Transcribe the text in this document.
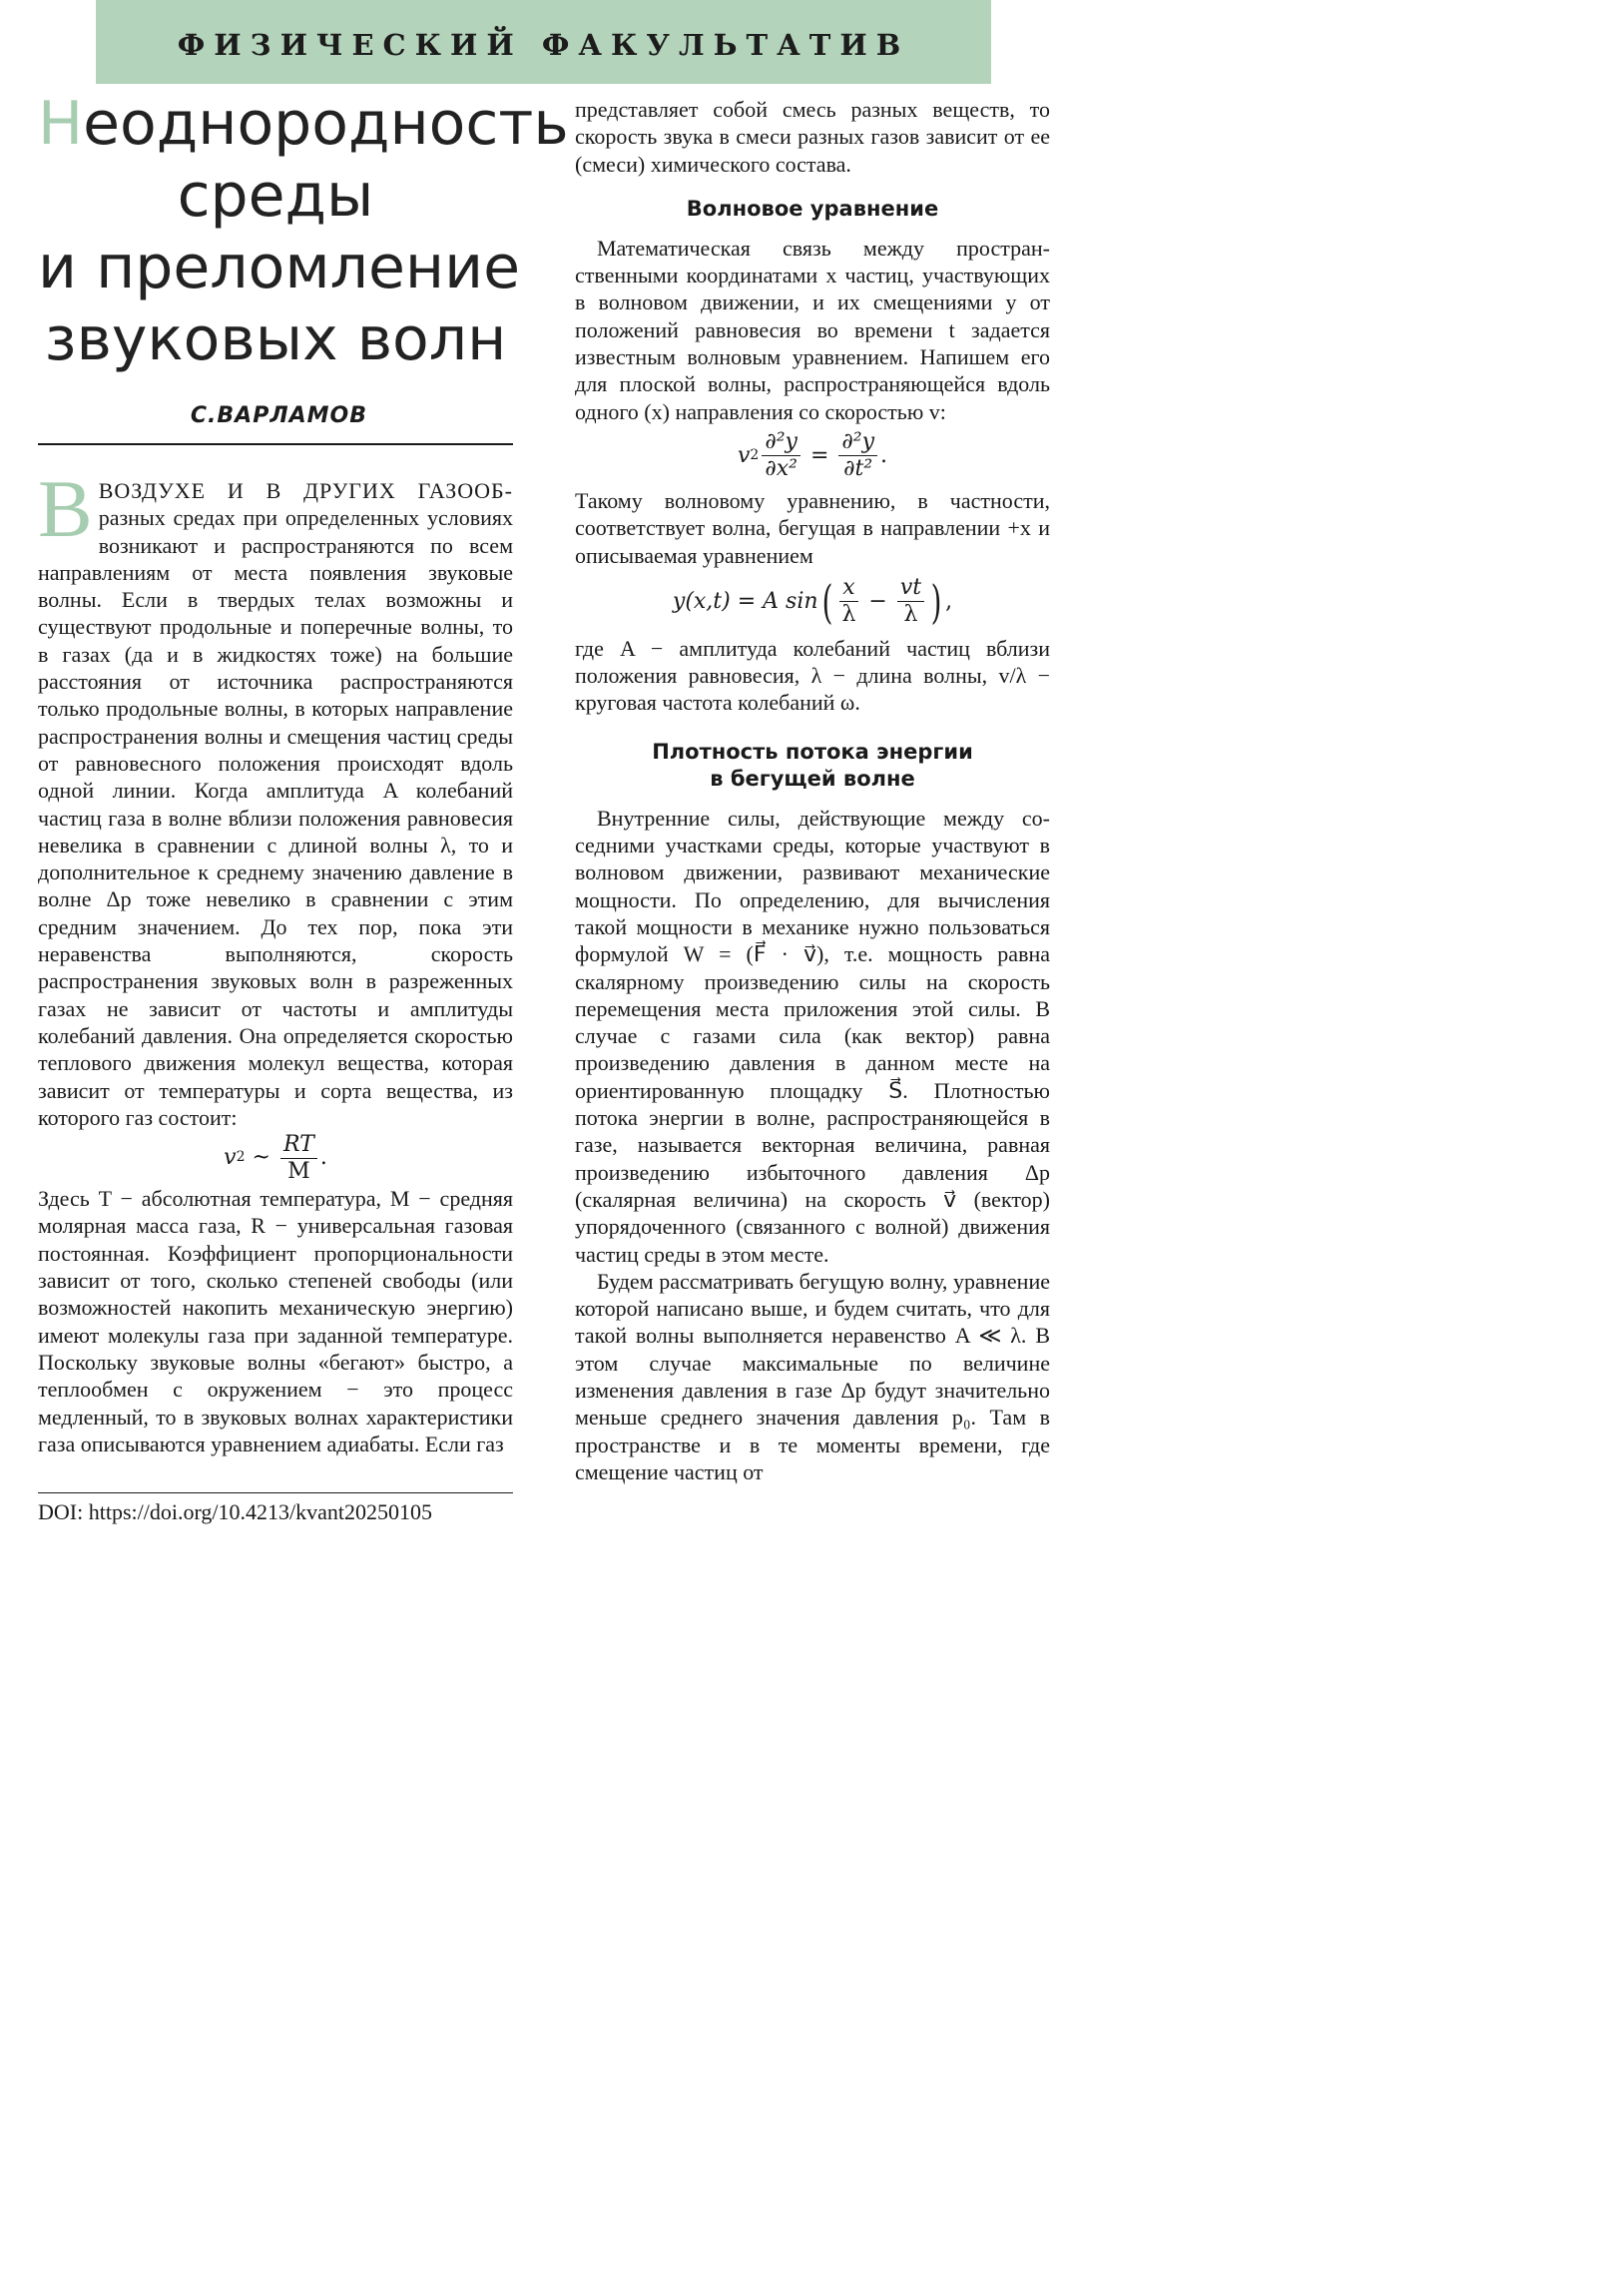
ФИЗИЧЕСКИЙ ФАКУЛЬТАТИВ
Неоднородность
среды
и преломление
звуковых волн
С.ВАРЛАМОВ

ВВОЗДУХЕ И В ДРУГИХ ГАЗООБ- разных средах при определенных условиях возникают и распространяются по всем направлениям от места появления звуковые волны. Если в твердых телах возможны и существуют продольные и поперечные волны, то в газах (да и в жидкостях тоже) на большие расстояния от источника распространяются только продольные волны, в которых направление распространения волны и смещения частиц среды от равновесного положения происходят вдоль одной линии. Когда амплитуда A колебаний частиц газа в волне вблизи положения равновесия невелика в сравнении с длиной волны λ, то и дополнительное к среднему значению давление в волне Δp тоже невелико в сравнении с этим средним значением. До тех пор, пока эти неравенства выполняются, скорость распространения звуковых волн в разреженных газах не зависит от частоты и амплитуды колебаний давления. Она определяется скоростью теплового движения молекул вещества, которая зависит от температуры и сорта вещества, из которого газ состоит:

v 2 ~ $\frac{RT}{M}$ .

Здесь T − абсолютная температура, M − средняя молярная масса газа, R − универсальная газовая постоянная. Коэффициент пропорциональности зависит от того, сколько степеней свободы (или возможностей накопить механическую энергию) имеют молекулы газа при заданной температуре. Поскольку звуковые волны «бегают» быстро, а теплообмен с окружением − это процесс медленный, то в звуковых волнах характеристики газа описываются уравнением адиабаты. Если газ

DOI: https://doi.org/10.4213/kvant20250105

представляет собой смесь разных веществ, то скорость звука в смеси разных газов зависит от ее (смеси) химического состава.

Волновое уравнение

Математическая связь между пространственными координатами x частиц, участвующих в волновом движении, и их смещениями y от положений равновесия во времени t задается известным волновым уравнением. Напишем его для плоской волны, распространяющейся вдоль одного (x) направления со скоростью v:

v $2 \frac{\text{∂²y}}{\text{∂x²}} = \frac{\text{∂²y}}{\text{∂t²}}$ .

Такому волновому уравнению, в частности, соответствует волна, бегущая в направлении +x и описываемая уравнением

y(x,t) = A sin ( $\frac{x}{\lambda} - \frac{vt}{\lambda}$ ) ,

где A − амплитуда колебаний частиц вблизи положения равновесия, λ − длина волны, v/λ − круговая частота колебаний ω.

Плотность потока энергии
в бегущей волне

Внутренние силы, действующие между соседними участками среды, которые участвуют в волновом движении, развивают механические мощности. По определению, для вычисления такой мощности в механике нужно пользоваться формулой W = (F⃗ · v⃗), т.е. мощность равна скалярному произведению силы на скорость перемещения места приложения этой силы. В случае с газами сила (как вектор) равна произведению давления в данном месте на ориентированную площадку S⃗. Плотностью потока энергии в волне, распространяющейся в газе, называется векторная величина, равная произведению избыточного давления Δp (скалярная величина) на скорость v⃗ (вектор) упорядоченного (связанного с волной) движения частиц среды в этом месте.

Будем рассматривать бегущую волну, уравнение которой написано выше, и будем считать, что для такой волны выполняется неравенство A ≪ λ. В этом случае максимальные по величине изменения давления в газе Δp будут значительно меньше среднего значения давления p₀. Там в пространстве и в те моменты времени, где смещение частиц от
